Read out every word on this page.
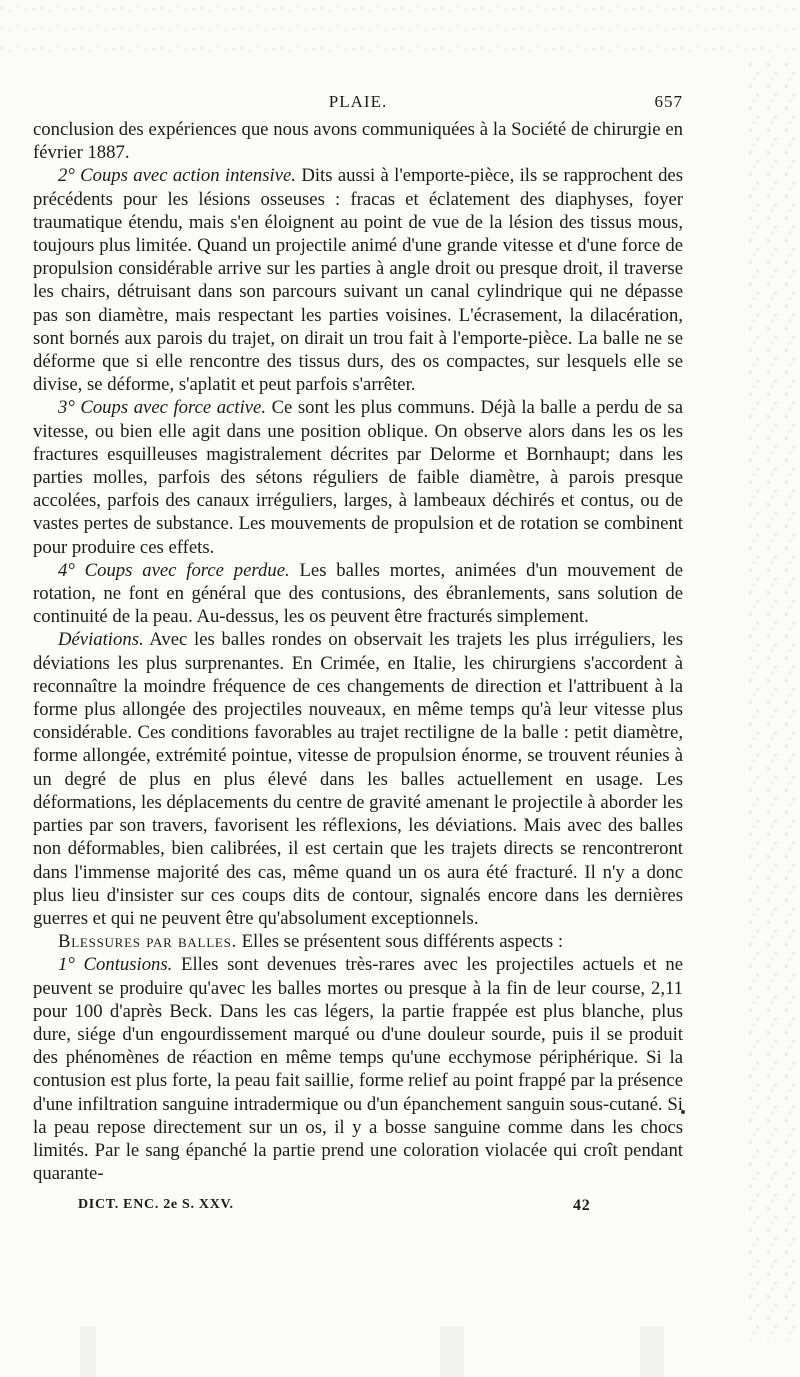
PLAIE.	657

conclusion des expériences que nous avons communiquées à la Société de chirurgie en février 1887.

2° Coups avec action intensive. Dits aussi à l'emporte-pièce, ils se rapprochent des précédents pour les lésions osseuses : fracas et éclatement des diaphyses, foyer traumatique étendu, mais s'en éloignent au point de vue de la lésion des tissus mous, toujours plus limitée. Quand un projectile animé d'une grande vitesse et d'une force de propulsion considérable arrive sur les parties à angle droit ou presque droit, il traverse les chairs, détruisant dans son parcours suivant un canal cylindrique qui ne dépasse pas son diamètre, mais respectant les parties voisines. L'écrasement, la dilacération, sont bornés aux parois du trajet, on dirait un trou fait à l'emporte-pièce. La balle ne se déforme que si elle rencontre des tissus durs, des os compactes, sur lesquels elle se divise, se déforme, s'aplatit et peut parfois s'arrêter.

3° Coups avec force active. Ce sont les plus communs. Déjà la balle a perdu de sa vitesse, ou bien elle agit dans une position oblique. On observe alors dans les os les fractures esquilleuses magistralement décrites par Delorme et Bornhaupt; dans les parties molles, parfois des sétons réguliers de faible diamètre, à parois presque accolées, parfois des canaux irréguliers, larges, à lambeaux déchirés et contus, ou de vastes pertes de substance. Les mouvements de propulsion et de rotation se combinent pour produire ces effets.

4° Coups avec force perdue. Les balles mortes, animées d'un mouvement de rotation, ne font en général que des contusions, des ébranlements, sans solution de continuité de la peau. Au-dessus, les os peuvent être fracturés simplement.

Déviations. Avec les balles rondes on observait les trajets les plus irréguliers, les déviations les plus surprenantes. En Crimée, en Italie, les chirurgiens s'accordent à reconnaître la moindre fréquence de ces changements de direction et l'attribuent à la forme plus allongée des projectiles nouveaux, en même temps qu'à leur vitesse plus considérable. Ces conditions favorables au trajet rectiligne de la balle : petit diamètre, forme allongée, extrémité pointue, vitesse de propulsion énorme, se trouvent réunies à un degré de plus en plus élevé dans les balles actuellement en usage. Les déformations, les déplacements du centre de gravité amenant le projectile à aborder les parties par son travers, favorisent les réflexions, les déviations. Mais avec des balles non déformables, bien calibrées, il est certain que les trajets directs se rencontreront dans l'immense majorité des cas, même quand un os aura été fracturé. Il n'y a donc plus lieu d'insister sur ces coups dits de contour, signalés encore dans les dernières guerres et qui ne peuvent être qu'absolument exceptionnels.

Blessures par balles. Elles se présentent sous différents aspects :

1° Contusions. Elles sont devenues très-rares avec les projectiles actuels et ne peuvent se produire qu'avec les balles mortes ou presque à la fin de leur course, 2,11 pour 100 d'après Beck. Dans les cas légers, la partie frappée est plus blanche, plus dure, siége d'un engourdissement marqué ou d'une douleur sourde, puis il se produit des phénomènes de réaction en même temps qu'une ecchymose périphérique. Si la contusion est plus forte, la peau fait saillie, forme relief au point frappé par la présence d'une infiltration sanguine intradermique ou d'un épanchement sanguin sous-cutané. Si la peau repose directement sur un os, il y a bosse sanguine comme dans les chocs limités. Par le sang épanché la partie prend une coloration violacée qui croît pendant quarante-

DICT. ENC. 2e S. XXV.	42
